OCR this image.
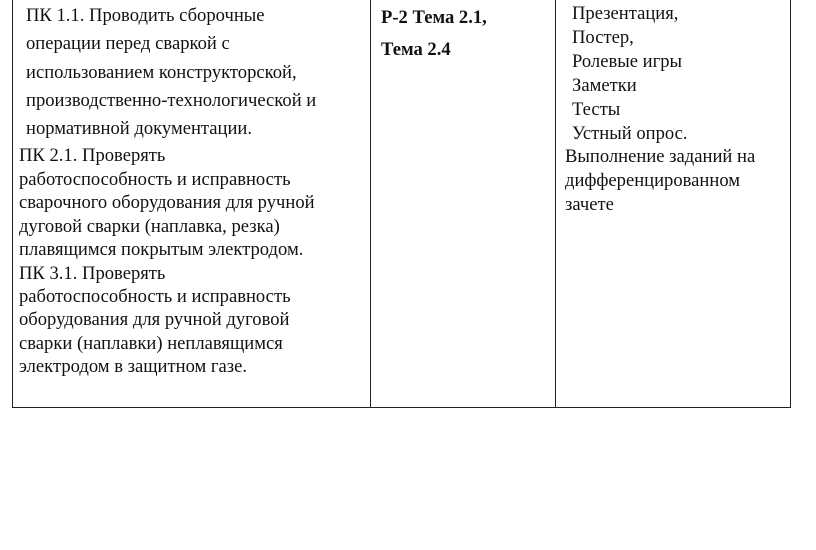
ПК 1.1. Проводить сборочные

операции перед сваркой с

использованием конструкторской,

производственно-технологической и

нормативной документации.

ПК 2.1. Проверять

работоспособность и исправность

сварочного оборудования для ручной

дуговой сварки (наплавка, резка)

плавящимся покрытым электродом.

ПК 3.1. Проверять

работоспособность и исправность

оборудования для ручной дуговой

сварки (наплавки) неплавящимся

электродом в защитном газе.

Р-2 Тема 2.1,

Тема 2.4

Презентация,

Постер,

Ролевые игры

Заметки

Тесты

Устный опрос.

Выполнение заданий на

дифференцированном

зачете
